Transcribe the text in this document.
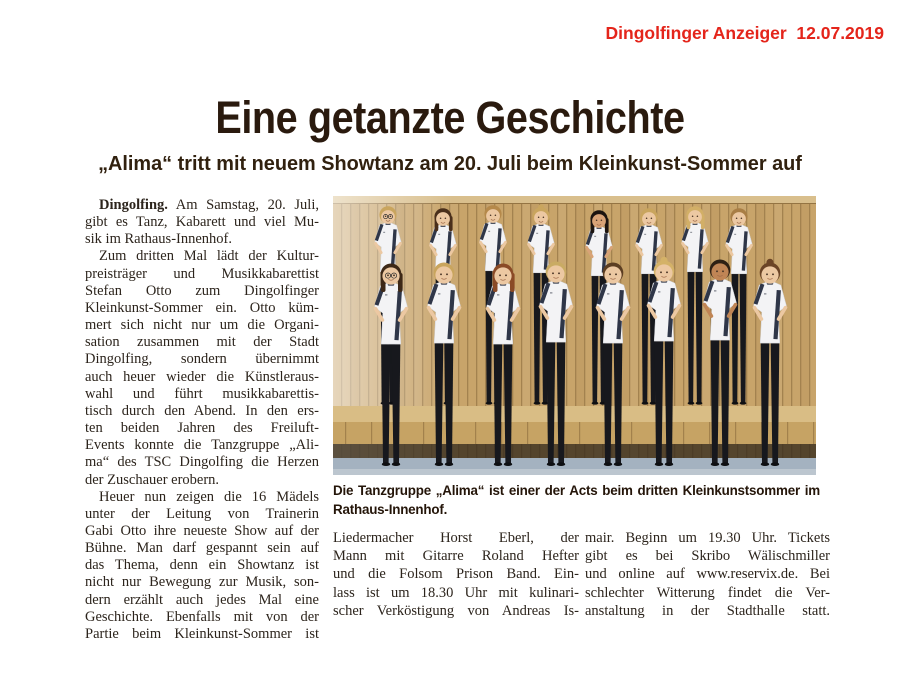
Dingolfinger Anzeiger  12.07.2019
Eine getanzte Geschichte
„Alima“ tritt mit neuem Showtanz am 20. Juli beim Kleinkunst-Sommer auf
Dingolfing. Am Samstag, 20. Juli,
gibt es Tanz, Kabarett und viel Mu-
sik im Rathaus-Innenhof.
Zum dritten Mal lädt der Kultur-
preisträger und Musikkabarettist
Stefan Otto zum Dingolfinger
Kleinkunst-Sommer ein. Otto küm-
mert sich nicht nur um die Organi-
sation zusammen mit der Stadt
Dingolfing, sondern übernimmt
auch heuer wieder die Künstleraus-
wahl und führt musikkabarettis-
tisch durch den Abend. In den ers-
ten beiden Jahren des Freiluft-
Events konnte die Tanzgruppe „Ali-
ma“ des TSC Dingolfing die Herzen
der Zuschauer erobern.
Heuer nun zeigen die 16 Mädels
unter der Leitung von Trainerin
Gabi Otto ihre neueste Show auf der
Bühne. Man darf gespannt sein auf
das Thema, denn ein Showtanz ist
nicht nur Bewegung zur Musik, son-
dern erzählt auch jedes Mal eine
Geschichte. Ebenfalls mit von der
Partie beim Kleinkunst-Sommer ist
Die Tanzgruppe „Alima“ ist einer der Acts beim dritten Kleinkunstsommer im
Rathaus-Innenhof.
Liedermacher Horst Eberl, der
Mann mit Gitarre Roland Hefter
und die Folsom Prison Band. Ein-
lass ist um 18.30 Uhr mit kulinari-
scher Verköstigung von Andreas Is-
mair. Beginn um 19.30 Uhr. Tickets
gibt es bei Skribo Wälischmiller
und online auf www.reservix.de. Bei
schlechter Witterung findet die Ver-
anstaltung in der Stadthalle statt.
